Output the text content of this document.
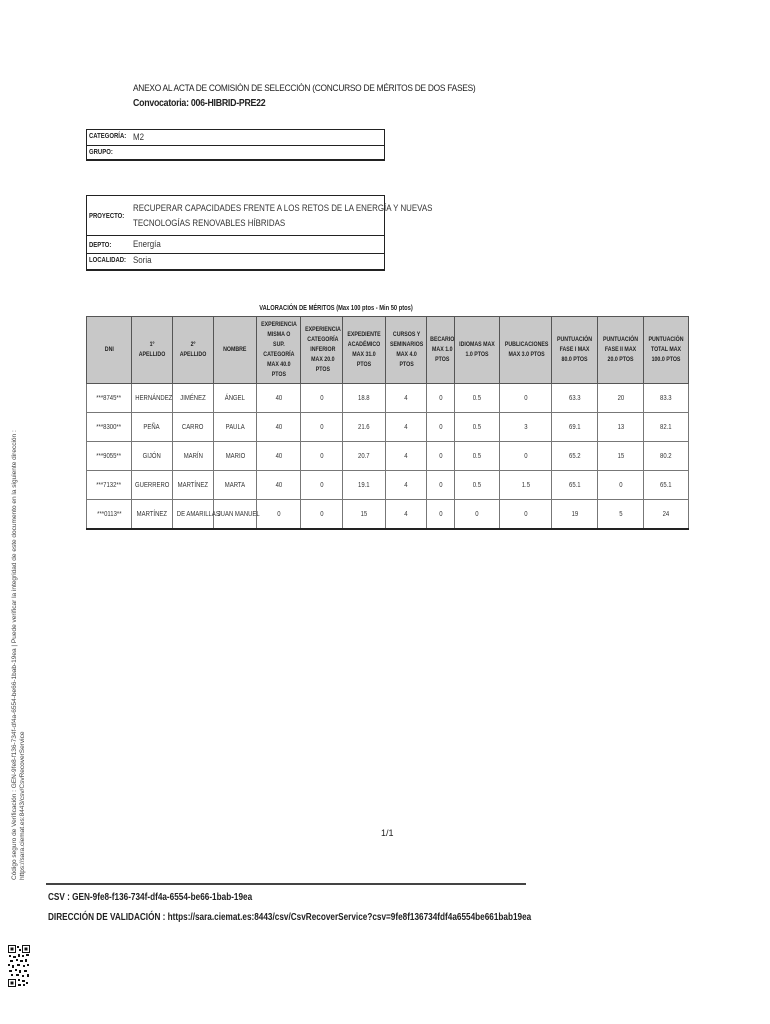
ANEXO AL ACTA DE COMISIÓN DE SELECCIÓN (CONCURSO DE MÉRITOS DE DOS FASES)
Convocatoria: 006-HIBRID-PRE22
CATEGORÍA: M2
GRUPO:
PROYECTO:
RECUPERAR CAPACIDADES FRENTE A LOS RETOS DE LA ENERGÍA Y NUEVAS
TECNOLOGÍAS RENOVABLES HÍBRIDAS
DEPTO: Energía
LOCALIDAD: Soria
VALORACIÓN DE MÉRITOS (Max 100 ptos - Min 50 ptos)
DNI	1º APELLIDO	2º APELLIDO	NOMBRE	EXPERIENCIA MISMA O SUP. CATEGORÍA MAX 40.0 PTOS	EXPERIENCIA CATEGORÍA INFERIOR MAX 20.0 PTOS	EXPEDIENTE ACADÉMICO MAX 31.0 PTOS	CURSOS Y SEMINARIOS MAX 4.0 PTOS	BECARIO MAX 1.0 PTOS	IDIOMAS MAX 1.0 PTOS	PUBLICACIONES MAX 3.0 PTOS	PUNTUACIÓN FASE I MAX 80.0 PTOS	PUNTUACIÓN FASE II MAX 20.0 PTOS	PUNTUACIÓN TOTAL MAX 100.0 PTOS
***8745**	HERNÁNDEZ	JIMÉNEZ	ÁNGEL	40	0	18.8	4	0	0.5	0	63.3	20	83.3
***8300**	PEÑA	CARRO	PAULA	40	0	21.6	4	0	0.5	3	69.1	13	82.1
***9055**	GIJÓN	MARÍN	MARIO	40	0	20.7	4	0	0.5	0	65.2	15	80.2
***7132**	GUERRERO	MARTÍNEZ	MARTA	40	0	19.1	4	0	0.5	1.5	65.1	0	65.1
***0113**	MARTÍNEZ	DE AMARILLAS	JUAN MANUEL	0	0	15	4	0	0	0	19	5	24
1/1
CSV : GEN-9fe8-f136-734f-df4a-6554-be66-1bab-19ea
DIRECCIÓN DE VALIDACIÓN : https://sara.ciemat.es:8443/csv/CsvRecoverService?csv=9fe8f136734fdf4a6554be661bab19ea
Código seguro de Verificación : GEN-9fe8-f136-734f-df4a-6554-be66-1bab-19ea | Puede verificar la integridad de este documento en la siguiente dirección : https://sara.ciemat.es:8443/csv/CsvRecoverService
